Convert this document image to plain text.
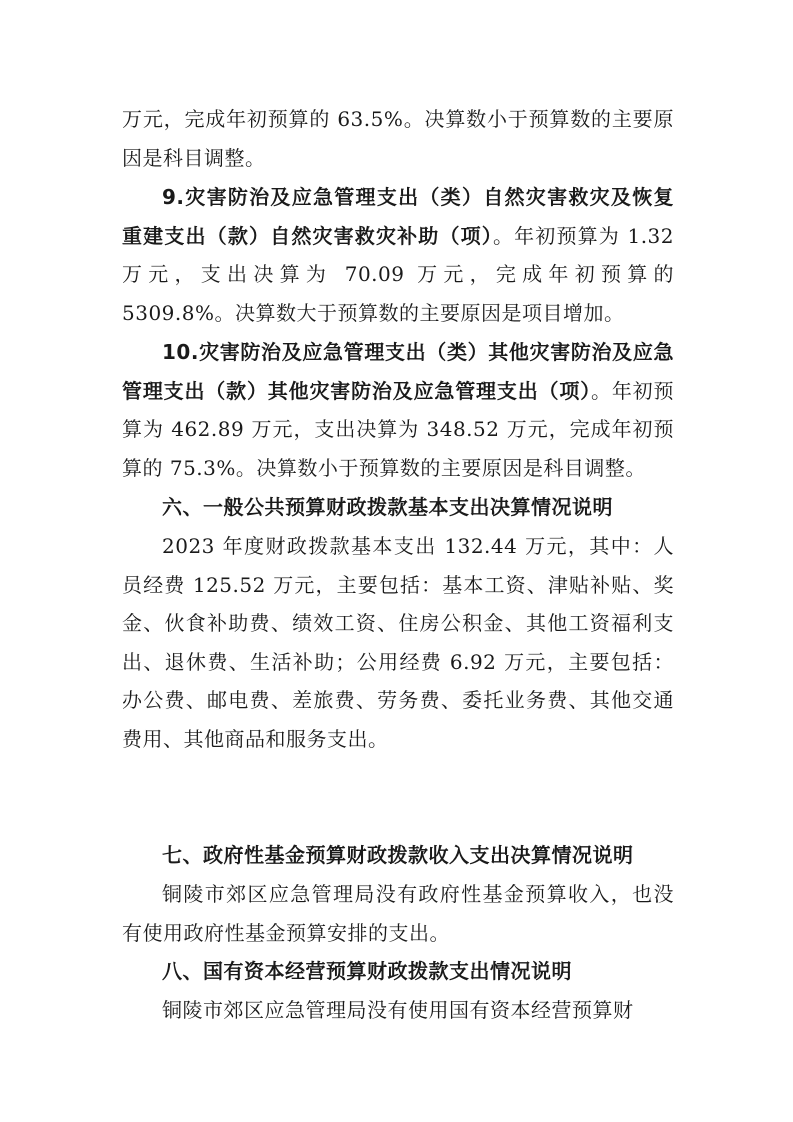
万元，完成年初预算的 63.5%。决算数小于预算数的主要原因是科目调整。

9.灾害防治及应急管理支出（类）自然灾害救灾及恢复重建支出（款）自然灾害救灾补助（项）。年初预算为 1.32 万元，支出决算为 70.09 万元，完成年初预算的 5309.8%。决算数大于预算数的主要原因是项目增加。

10.灾害防治及应急管理支出（类）其他灾害防治及应急管理支出（款）其他灾害防治及应急管理支出（项）。年初预算为 462.89 万元，支出决算为 348.52 万元，完成年初预算的 75.3%。决算数小于预算数的主要原因是科目调整。

六、一般公共预算财政拨款基本支出决算情况说明

2023 年度财政拨款基本支出 132.44 万元，其中：人员经费 125.52 万元，主要包括：基本工资、津贴补贴、奖金、伙食补助费、绩效工资、住房公积金、其他工资福利支出、退休费、生活补助；公用经费 6.92 万元，主要包括：办公费、邮电费、差旅费、劳务费、委托业务费、其他交通费用、其他商品和服务支出。

七、政府性基金预算财政拨款收入支出决算情况说明

铜陵市郊区应急管理局没有政府性基金预算收入，也没有使用政府性基金预算安排的支出。

八、国有资本经营预算财政拨款支出情况说明

铜陵市郊区应急管理局没有使用国有资本经营预算财
